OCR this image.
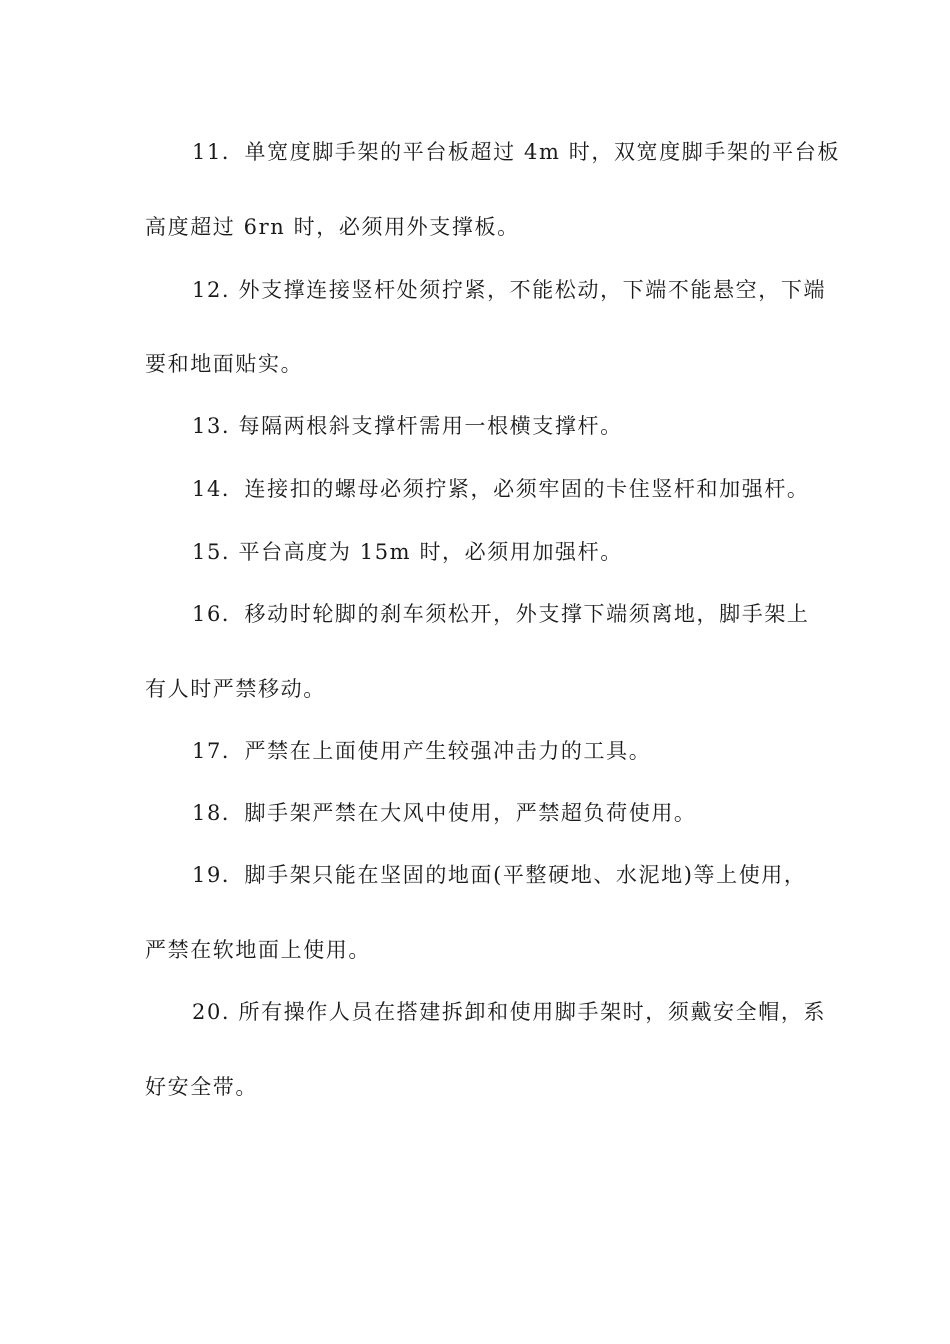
11．单宽度脚手架的平台板超过 4m 时，双宽度脚手架的平台板
高度超过 6rn 时，必须用外支撑板。
12. 外支撑连接竖杆处须拧紧，不能松动，下端不能悬空，下端
要和地面贴实。
13. 每隔两根斜支撑杆需用一根横支撑杆。
14．连接扣的螺母必须拧紧，必须牢固的卡住竖杆和加强杆。
15. 平台高度为 15m 时，必须用加强杆。
16．移动时轮脚的刹车须松开，外支撑下端须离地，脚手架上
有人时严禁移动。
17．严禁在上面使用产生较强冲击力的工具。
18．脚手架严禁在大风中使用，严禁超负荷使用。
19．脚手架只能在坚固的地面(平整硬地、水泥地)等上使用，
严禁在软地面上使用。
20. 所有操作人员在搭建拆卸和使用脚手架时，须戴安全帽，系
好安全带。
